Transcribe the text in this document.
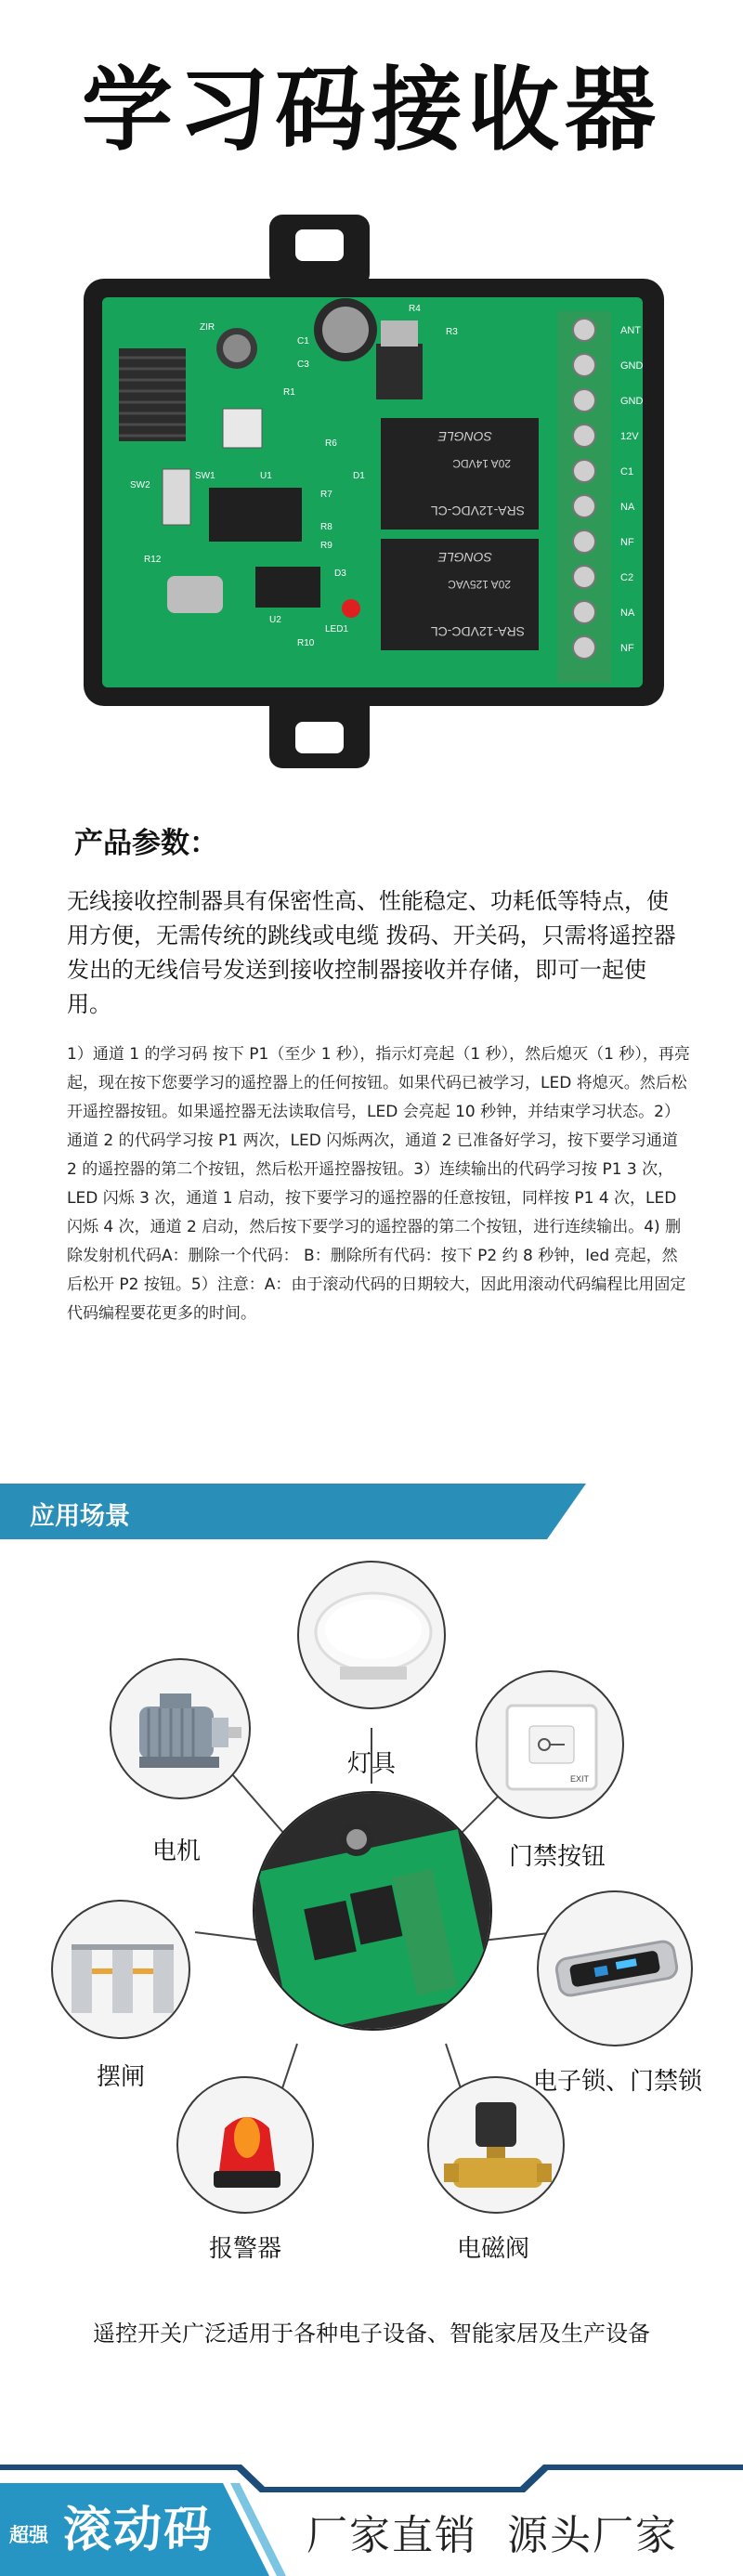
学习码接收器
SRA-12VDC-CL
20A 14VDC
SONGLE
SRA-12VDC-CL
20A 125VAC
SONGLE
ANT
GND
GND
12V
C1
NA
NF
C2
NA
NF
ZIR
SW1
SW2
R12
U1
U2
LED1
R10
D3
R7
D1
R4
R3
R8
R9
C1
C3
R1
R6
产品参数：
无线接收控制器具有保密性高、性能稳定、功耗低等特点，使用方便，无需传统的跳线或电缆 拨码、开关码，只需将遥控器发出的无线信号发送到接收控制器接收并存储，即可一起使用。
1）通道 1 的学习码 按下 P1（至少 1 秒），指示灯亮起（1 秒），然后熄灭（1 秒），再亮起，现在按下您要学习的遥控器上的任何按钮。如果代码已被学习，LED 将熄灭。然后松开遥控器按钮。如果遥控器无法读取信号，LED 会亮起 10 秒钟，并结束学习状态。2）通道 2 的代码学习按 P1 两次，LED 闪烁两次，通道 2 已准备好学习，按下要学习通道 2 的遥控器的第二个按钮，然后松开遥控器按钮。3）连续输出的代码学习按 P1 3 次，LED 闪烁 3 次，通道 1 启动，按下要学习的遥控器的任意按钮，同样按 P1 4 次，LED 闪烁 4 次，通道 2 启动，然后按下要学习的遥控器的第二个按钮，进行连续输出。4) 删除发射机代码A：删除一个代码： B：删除所有代码：按下 P2 约 8 秒钟，led 亮起，然后松开 P2 按钮。5）注意：A：由于滚动代码的日期较大，因此用滚动代码编程比用固定代码编程要花更多的时间。
应用场景
灯具
电机
EXIT
门禁按钮
摆闸	电子锁、门禁锁
报警器	电磁阀
遥控开关广泛适用于各种电子设备、智能家居及生产设备
超强 滚动码 厂家直销  源头厂家
